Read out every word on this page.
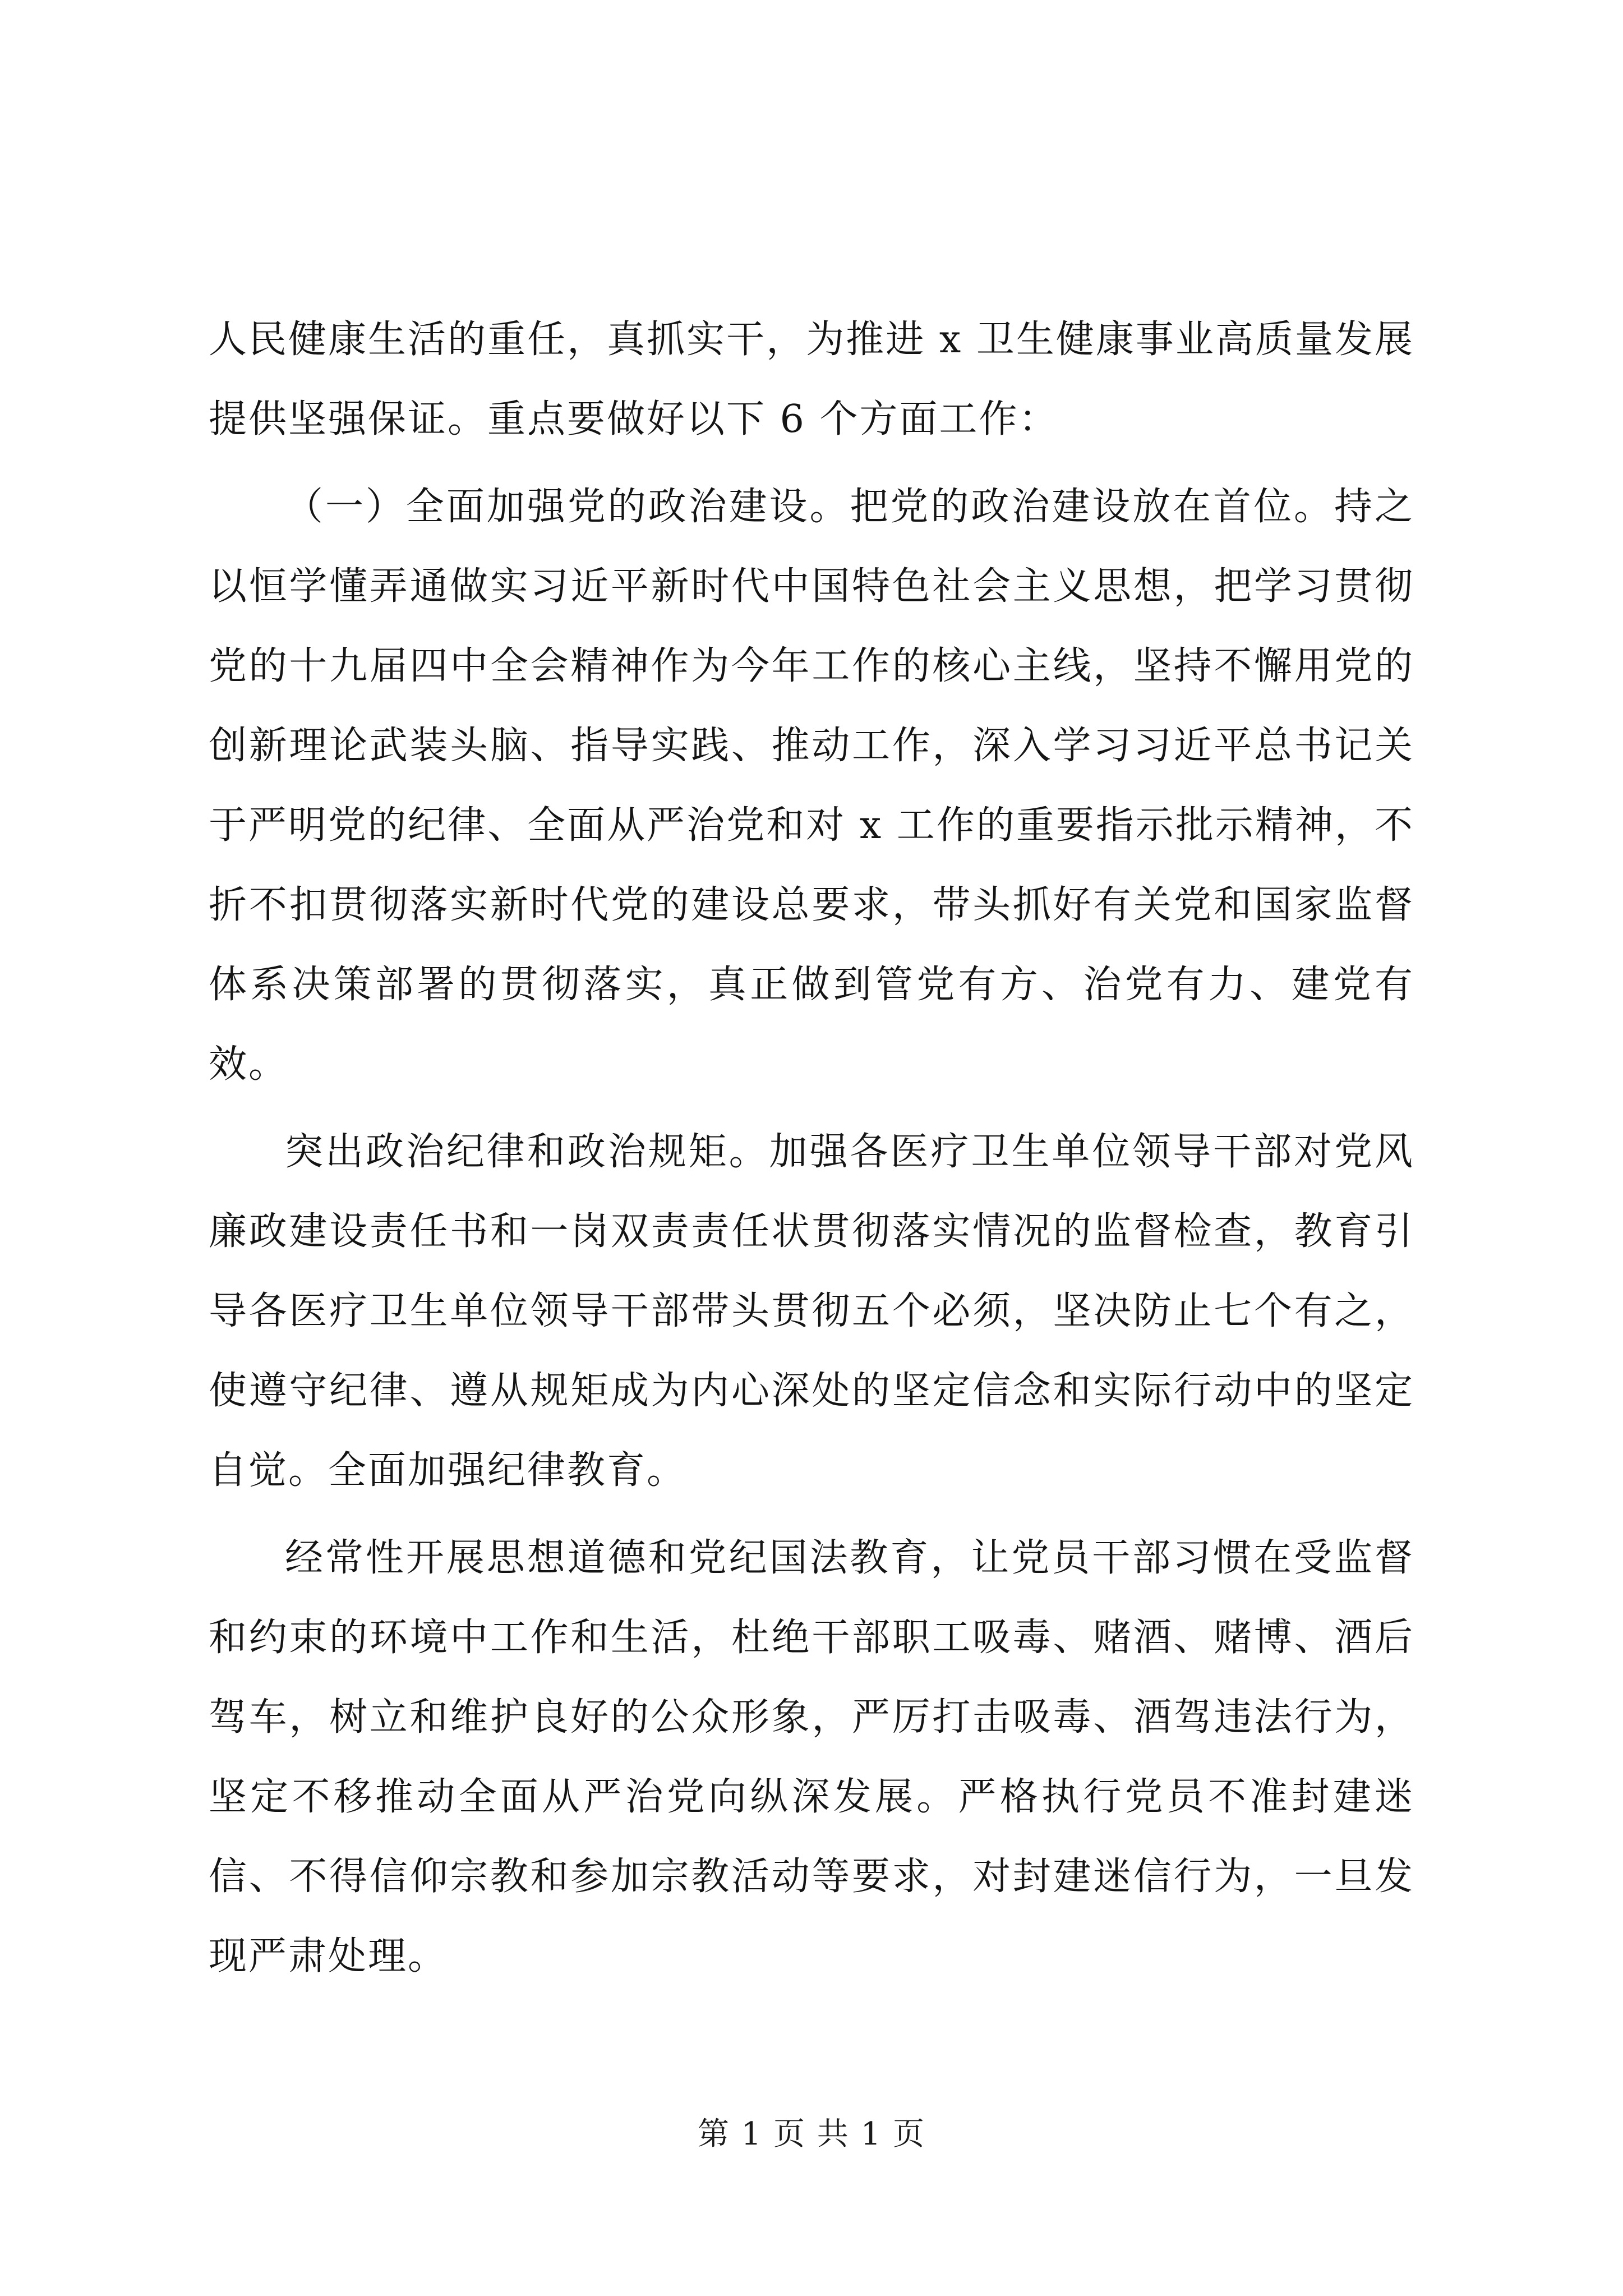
人民健康生活的重任，真抓实干，为推进 x 卫生健康事业高质量发展提供坚强保证。重点要做好以下 6 个方面工作：

（一）全面加强党的政治建设。把党的政治建设放在首位。持之以恒学懂弄通做实习近平新时代中国特色社会主义思想，把学习贯彻党的十九届四中全会精神作为今年工作的核心主线，坚持不懈用党的创新理论武装头脑、指导实践、推动工作，深入学习习近平总书记关于严明党的纪律、全面从严治党和对 x 工作的重要指示批示精神，不折不扣贯彻落实新时代党的建设总要求，带头抓好有关党和国家监督体系决策部署的贯彻落实，真正做到管党有方、治党有力、建党有效。

突出政治纪律和政治规矩。加强各医疗卫生单位领导干部对党风廉政建设责任书和一岗双责责任状贯彻落实情况的监督检查，教育引导各医疗卫生单位领导干部带头贯彻五个必须，坚决防止七个有之，使遵守纪律、遵从规矩成为内心深处的坚定信念和实际行动中的坚定自觉。全面加强纪律教育。

经常性开展思想道德和党纪国法教育，让党员干部习惯在受监督和约束的环境中工作和生活，杜绝干部职工吸毒、赌酒、赌博、酒后驾车，树立和维护良好的公众形象，严厉打击吸毒、酒驾违法行为，坚定不移推动全面从严治党向纵深发展。严格执行党员不准封建迷信、不得信仰宗教和参加宗教活动等要求，对封建迷信行为，一旦发现严肃处理。

第 1 页 共 1 页
